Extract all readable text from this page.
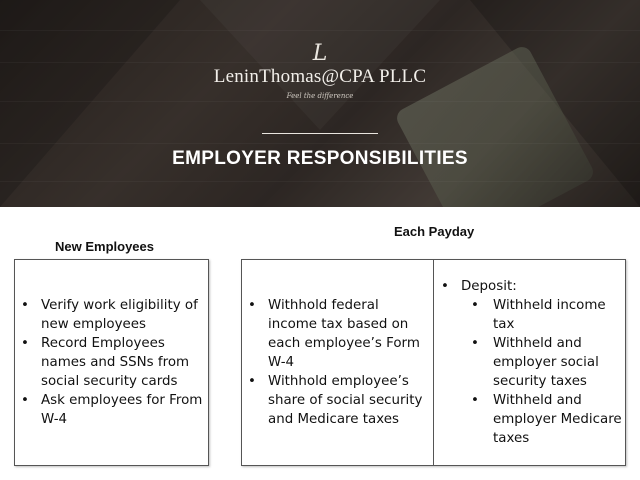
L
LeninThomas@CPA PLLC
Feel the difference
EMPLOYER RESPONSIBILITIES
New Employees
Each Payday
• Verify work eligibility of new employees
• Record Employees names and SSNs from social security cards
• Ask employees for From W-4
• Withhold federal income tax based on each employee’s Form W-4
• Withhold employee’s share of social security and Medicare taxes
• Deposit:
• Withheld income tax
• Withheld and employer social security taxes
• Withheld and employer Medicare taxes
